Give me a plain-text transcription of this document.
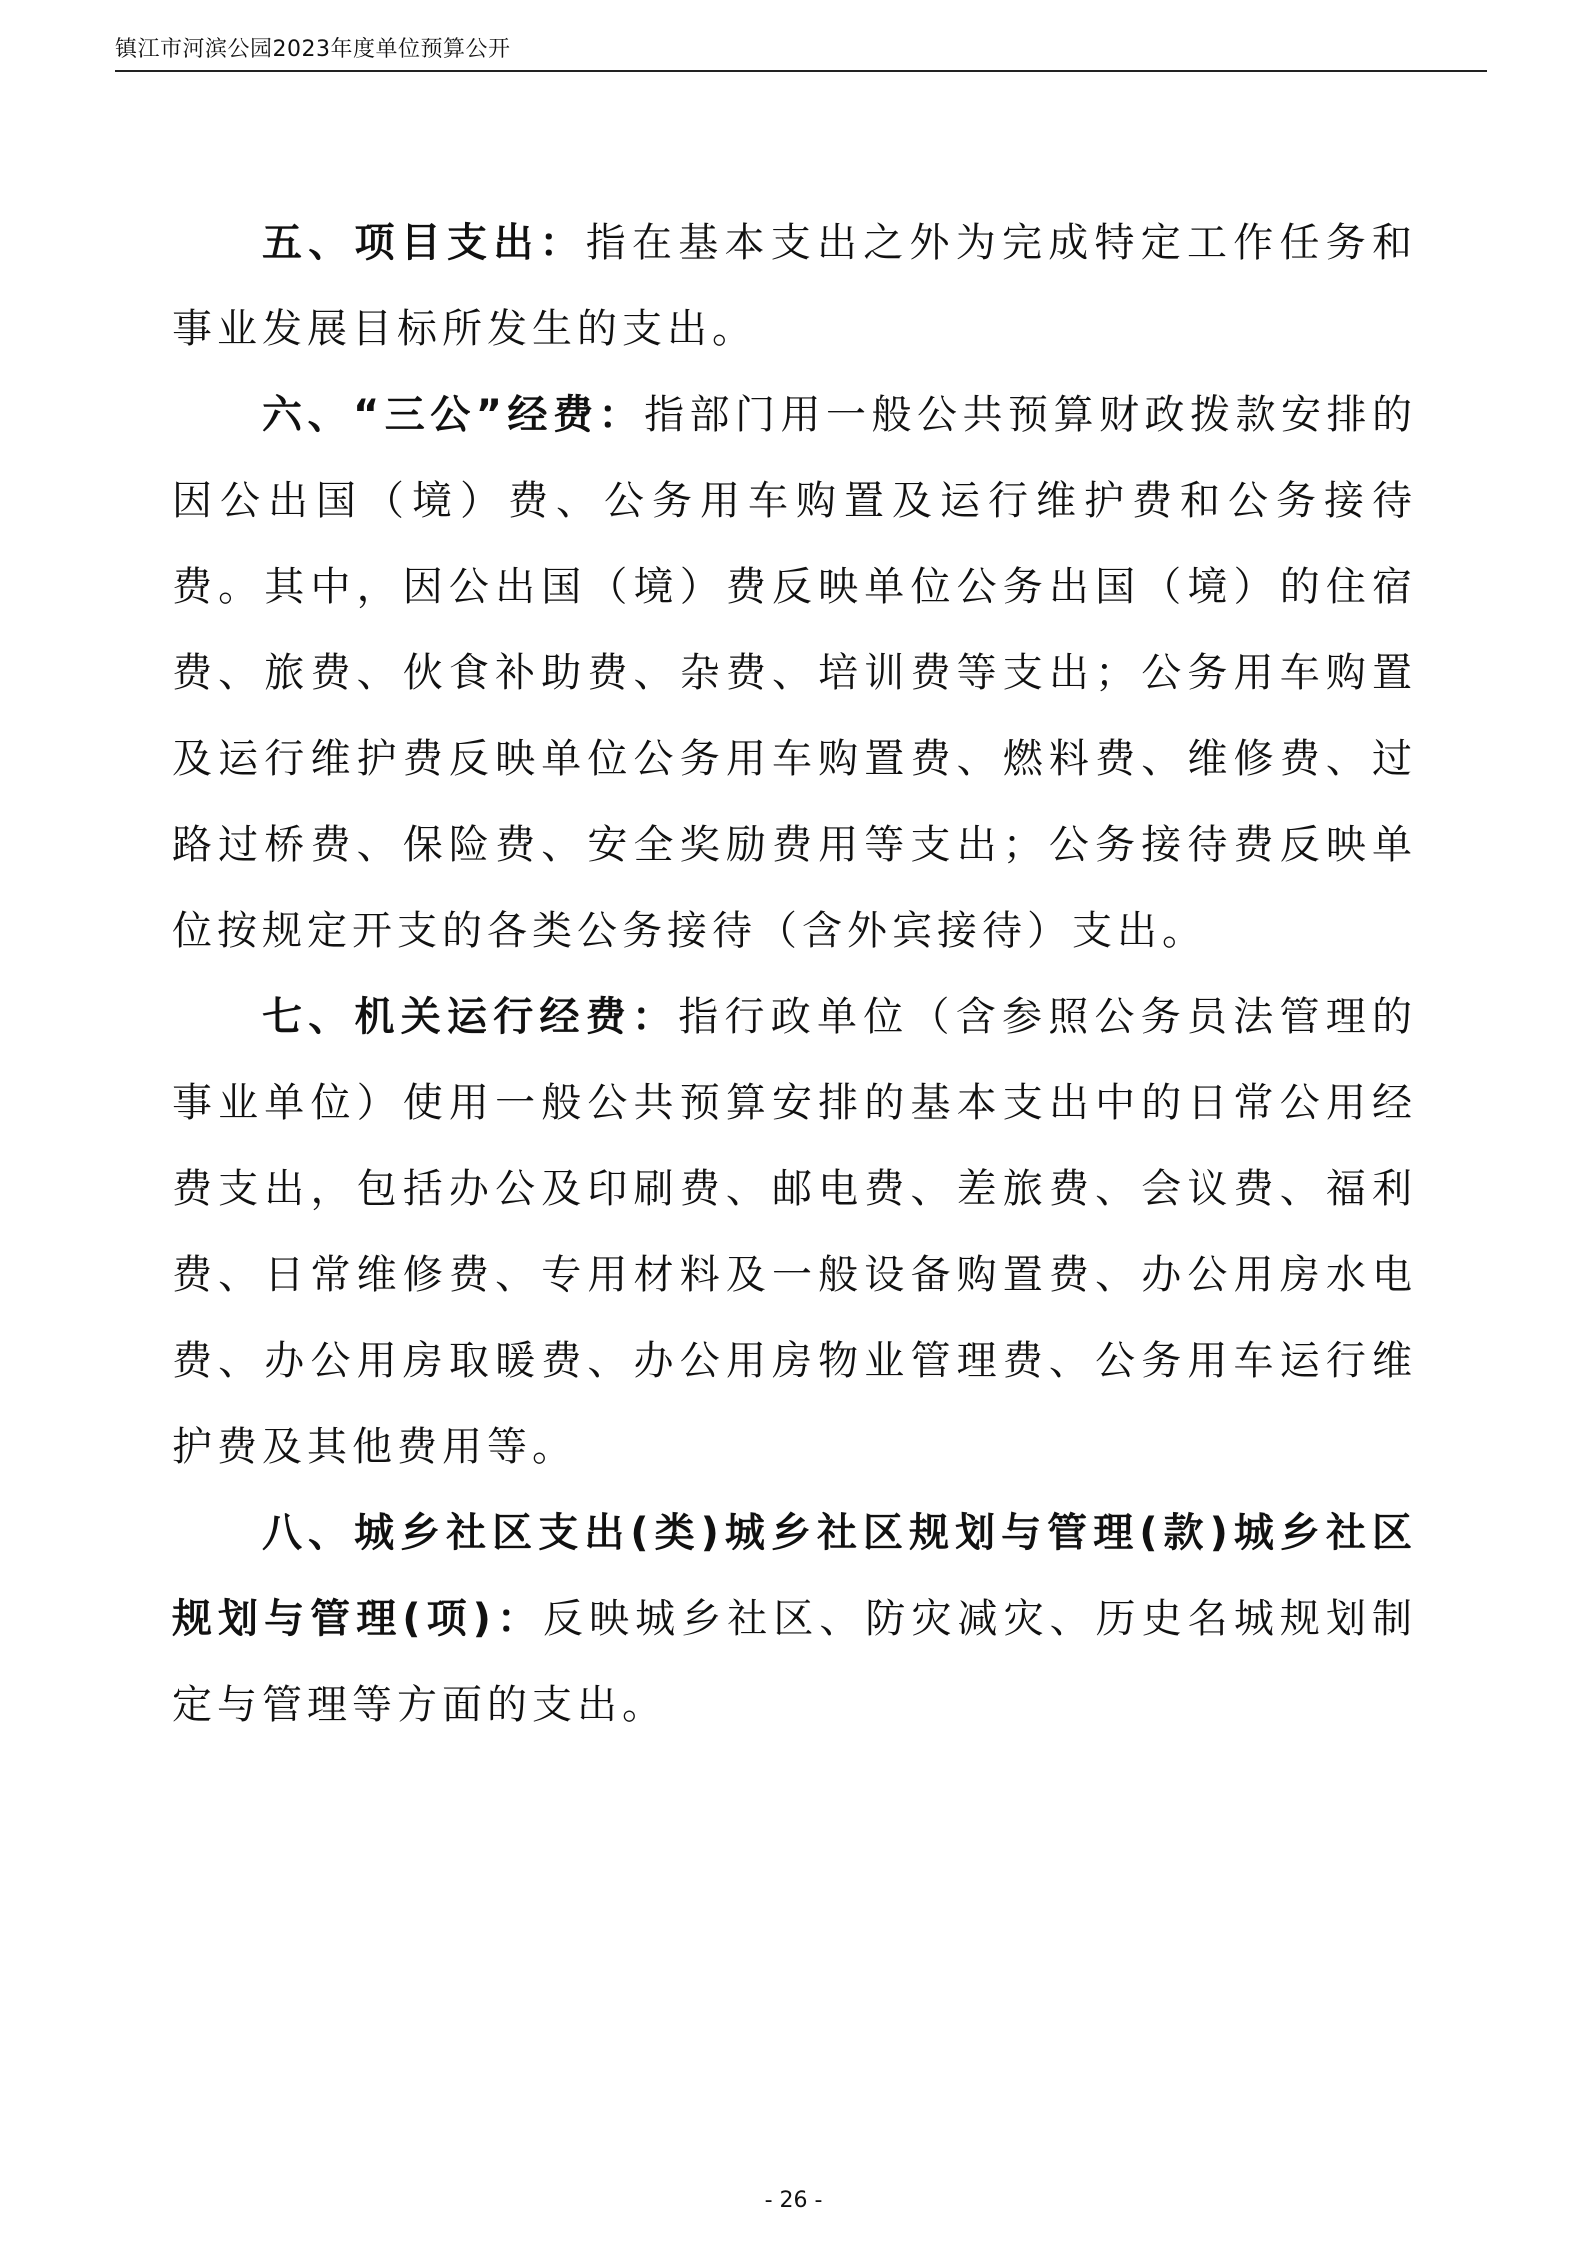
镇江市河滨公园2023年度单位预算公开

五、项目支出：指在基本支出之外为完成特定工作任务和事业发展目标所发生的支出。

六、“三公”经费：指部门用一般公共预算财政拨款安排的因公出国（境）费、公务用车购置及运行维护费和公务接待费。其中，因公出国（境）费反映单位公务出国（境）的住宿费、旅费、伙食补助费、杂费、培训费等支出；公务用车购置及运行维护费反映单位公务用车购置费、燃料费、维修费、过路过桥费、保险费、安全奖励费用等支出；公务接待费反映单位按规定开支的各类公务接待（含外宾接待）支出。

七、机关运行经费：指行政单位（含参照公务员法管理的事业单位）使用一般公共预算安排的基本支出中的日常公用经费支出，包括办公及印刷费、邮电费、差旅费、会议费、福利费、日常维修费、专用材料及一般设备购置费、办公用房水电费、办公用房取暖费、办公用房物业管理费、公务用车运行维护费及其他费用等。

八、城乡社区支出(类)城乡社区规划与管理(款)城乡社区规划与管理(项)：反映城乡社区、防灾减灾、历史名城规划制定与管理等方面的支出。

- 26 -
